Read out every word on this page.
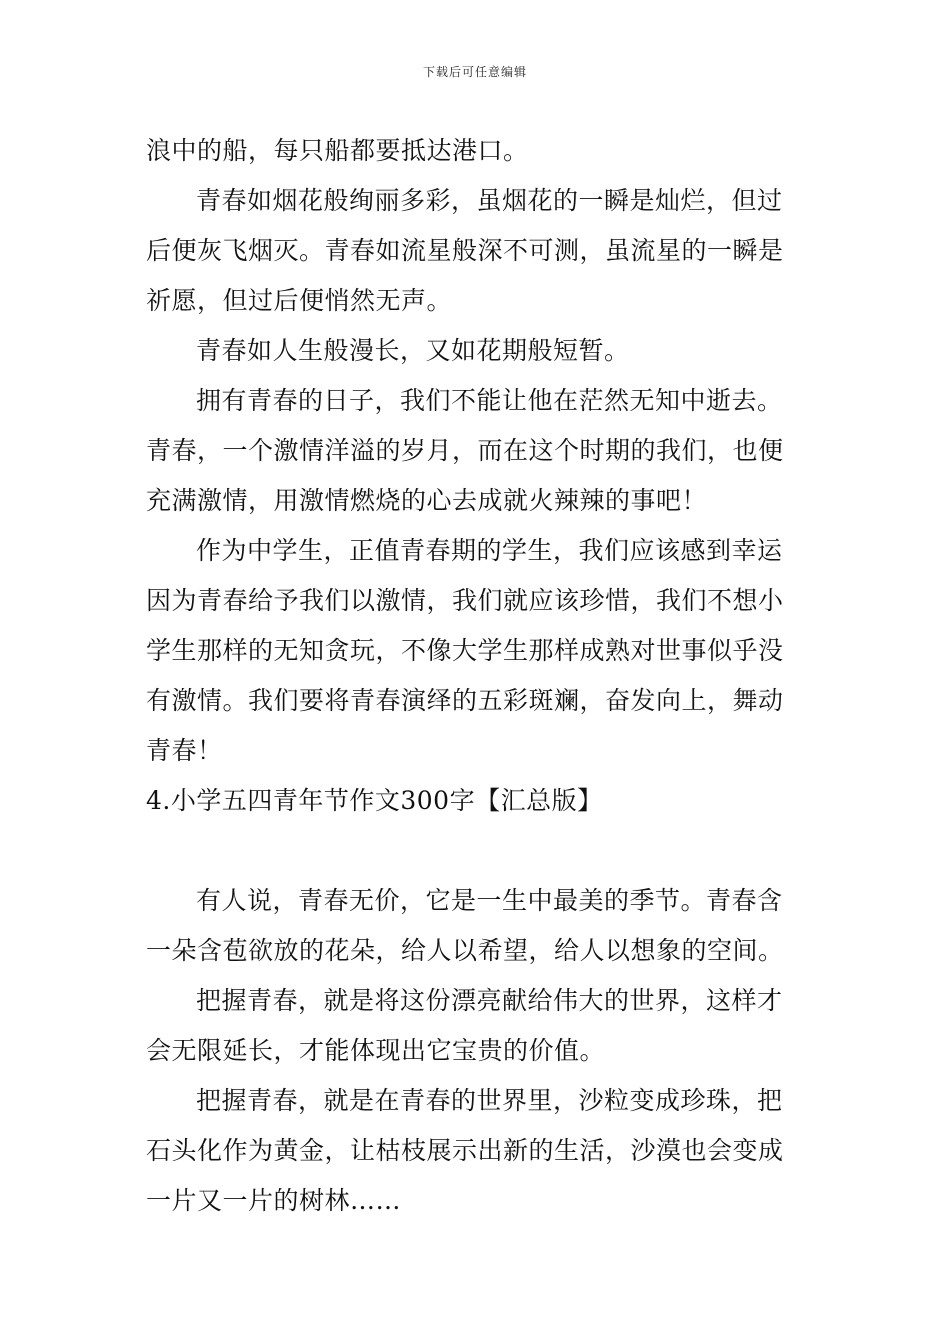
下载后可任意编辑
浪中的船，每只船都要抵达港口。
青春如烟花般绚丽多彩，虽烟花的一瞬是灿烂，但过
后便灰飞烟灭。青春如流星般深不可测，虽流星的一瞬是
祈愿，但过后便悄然无声。
青春如人生般漫长，又如花期般短暂。
拥有青春的日子，我们不能让他在茫然无知中逝去。
青春，一个激情洋溢的岁月，而在这个时期的我们，也便
充满激情，用激情燃烧的心去成就火辣辣的事吧！
作为中学生，正值青春期的学生，我们应该感到幸运
因为青春给予我们以激情，我们就应该珍惜，我们不想小
学生那样的无知贪玩，不像大学生那样成熟对世事似乎没
有激情。我们要将青春演绎的五彩斑斓，奋发向上，舞动
青春！
4.小学五四青年节作文300字【汇总版】
有人说，青春无价，它是一生中最美的季节。青春含
一朵含苞欲放的花朵，给人以希望，给人以想象的空间。
把握青春，就是将这份漂亮献给伟大的世界，这样才
会无限延长，才能体现出它宝贵的价值。
把握青春，就是在青春的世界里，沙粒变成珍珠，把
石头化作为黄金，让枯枝展示出新的生活，沙漠也会变成
一片又一片的树林……
